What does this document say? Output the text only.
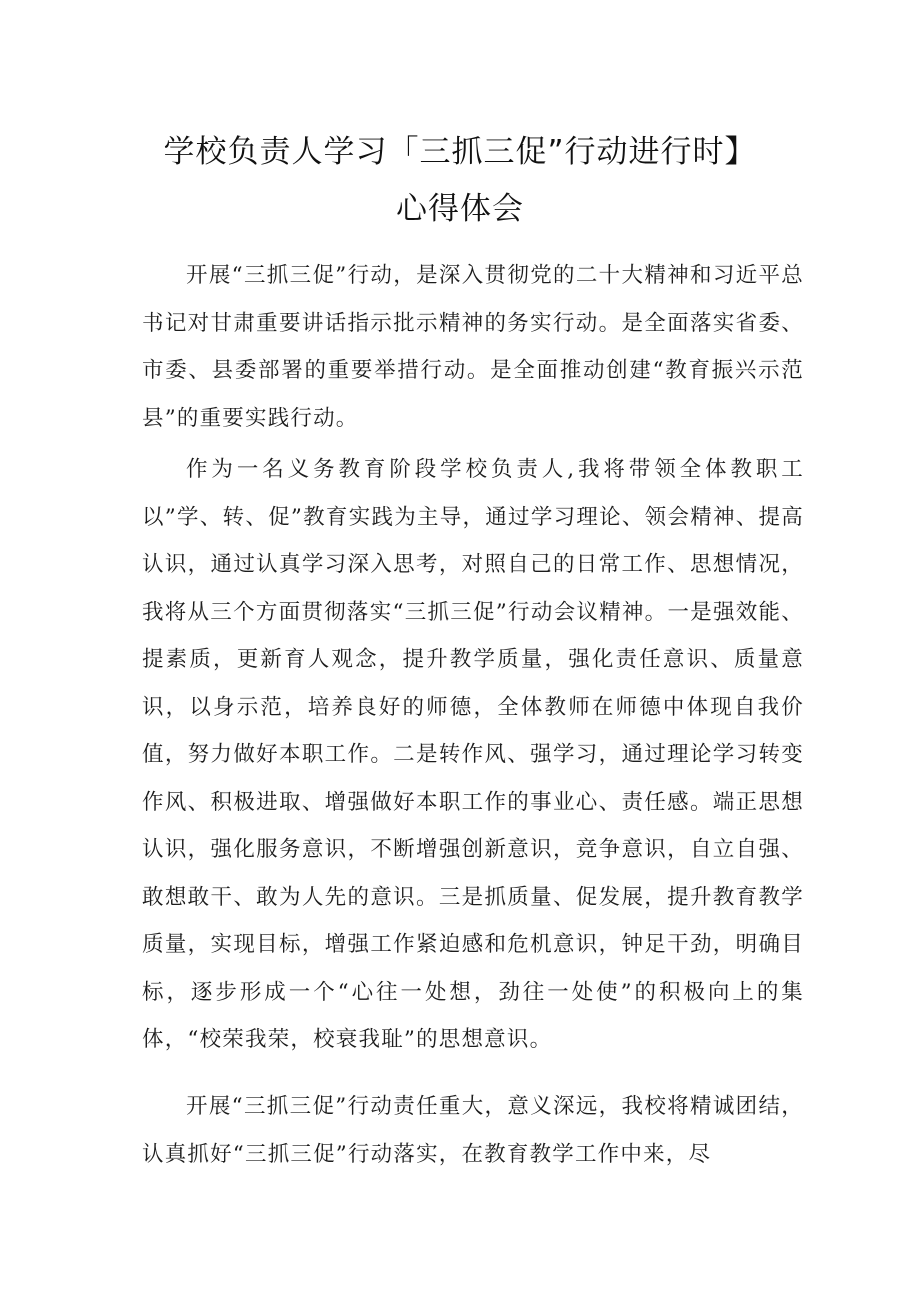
学校负责人学习「三抓三促”行动进行时】
心得体会

开展“三抓三促”行动，是深入贯彻党的二十大精神和习近平总书记对甘肃重要讲话指示批示精神的务实行动。是全面落实省委、市委、县委部署的重要举措行动。是全面推动创建“教育振兴示范县”的重要实践行动。

作为一名义务教育阶段学校负责人,我将带领全体教职工以”学、转、促”教育实践为主导，通过学习理论、领会精神、提高认识，通过认真学习深入思考，对照自己的日常工作、思想情况，我将从三个方面贯彻落实“三抓三促”行动会议精神。一是强效能、提素质，更新育人观念，提升教学质量，强化责任意识、质量意识，以身示范，培养良好的师德，全体教师在师德中体现自我价值，努力做好本职工作。二是转作风、强学习，通过理论学习转变作风、积极进取、增强做好本职工作的事业心、责任感。端正思想认识，强化服务意识，不断增强创新意识，竞争意识，自立自强、敢想敢干、敢为人先的意识。三是抓质量、促发展，提升教育教学质量，实现目标，增强工作紧迫感和危机意识，钟足干劲，明确目标，逐步形成一个“心往一处想，劲往一处使”的积极向上的集体，“校荣我荣，校衰我耻”的思想意识。

开展“三抓三促”行动责任重大，意义深远，我校将精诚团结，认真抓好“三抓三促”行动落实，在教育教学工作中来，尽
